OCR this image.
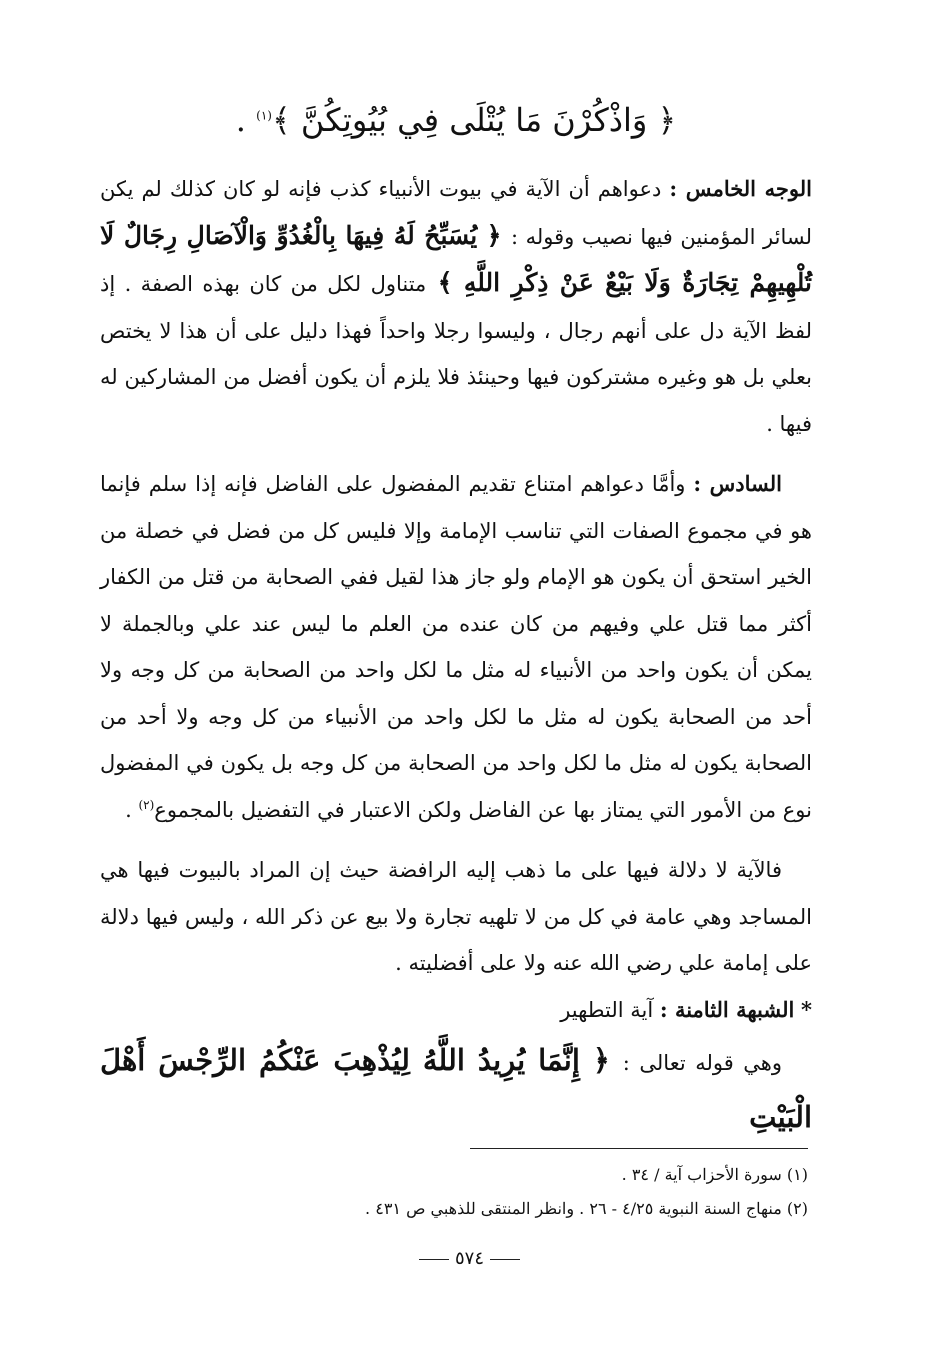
﴿ وَاذْكُرْنَ مَا يُتْلَى فِي بُيُوتِكُنَّ ﴾$^{(١)}$ .

الوجه الخامس : دعواهم أن الآية في بيوت الأنبياء كذب فإنه لو كان كذلك لم يكن لسائر المؤمنين فيها نصيب وقوله : ﴿ يُسَبِّحُ لَهُ فِيهَا بِالْغُدُوِّ وَالْآصَالِ رِجَالٌ لَا تُلْهِيهِمْ تِجَارَةٌ وَلَا بَيْعٌ عَنْ ذِكْرِ اللَّهِ ﴾ متناول لكل من كان بهذه الصفة . إذ لفظ الآية دل على أنهم رجال ، وليسوا رجلا واحداً فهذا دليل على أن هذا لا يختص بعلي بل هو وغيره مشتركون فيها وحينئذ فلا يلزم أن يكون أفضل من المشاركين له فيها .

السادس : وأمَّا دعواهم امتناع تقديم المفضول على الفاضل فإنه إذا سلم فإنما هو في مجموع الصفات التي تناسب الإمامة وإلا فليس كل من فضل في خصلة من الخير استحق أن يكون هو الإمام ولو جاز هذا لقيل ففي الصحابة من قتل من الكفار أكثر مما قتل علي وفيهم من كان عنده من العلم ما ليس عند علي وبالجملة لا يمكن أن يكون واحد من الأنبياء له مثل ما لكل واحد من الصحابة من كل وجه ولا أحد من الصحابة يكون له مثل ما لكل واحد من الأنبياء من كل وجه ولا أحد من الصحابة يكون له مثل ما لكل واحد من الصحابة من كل وجه بل يكون في المفضول نوع من الأمور التي يمتاز بها عن الفاضل ولكن الاعتبار في التفضيل بالمجموع$^{(٢)}$ .

فالآية لا دلالة فيها على ما ذهب إليه الرافضة حيث إن المراد بالبيوت فيها هي المساجد وهي عامة في كل من لا تلهيه تجارة ولا بيع عن ذكر الله ، وليس فيها دلالة على إمامة علي رضي الله عنه ولا على أفضليته .

* الشبهة الثامنة : آية التطهير

وهي قوله تعالى : ﴿ إِنَّمَا يُرِيدُ اللَّهُ لِيُذْهِبَ عَنْكُمُ الرِّجْسَ أَهْلَ الْبَيْتِ

(١) سورة الأحزاب آية / ٣٤ .
(٢) منهاج السنة النبوية ٤/٢٥ - ٢٦ . وانظر المنتقى للذهبي ص ٤٣١ .
٥٧٤
